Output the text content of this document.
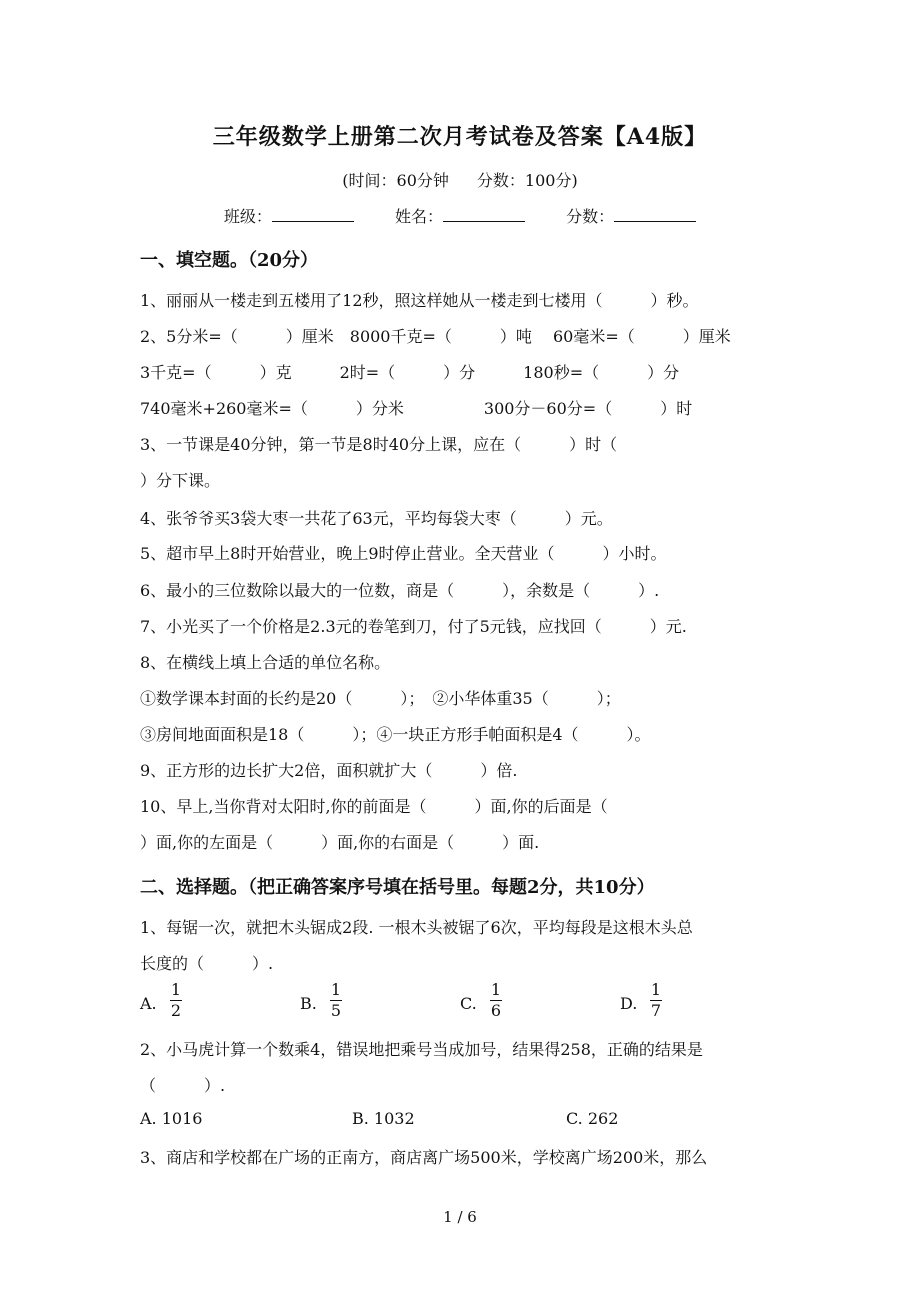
三年级数学上册第二次月考试卷及答案【A4版】
(时间：60分钟 分数：100分)
班级：	姓名：	分数：
一、填空题。（20分）
1、丽丽从一楼走到五楼用了12秒，照这样她从一楼走到七楼用（　　　）秒。
2、5分米=（　　　）厘米　8000千克=（　　　）吨　 60毫米=（　　　）厘米
3千克=（　　　）克　　　2时=（　　　）分　　　180秒=（　　　）分
740毫米+260毫米=（　　　）分米　　　　　300分－60分=（　　　）时
3、一节课是40分钟，第一节是8时40分上课，应在（　　　）时（
）分下课。
4、张爷爷买3袋大枣一共花了63元，平均每袋大枣（　　　）元。
5、超市早上8时开始营业，晚上9时停止营业。全天营业（　　　）小时。
6、最小的三位数除以最大的一位数，商是（　　　），余数是（　　　）.
7、小光买了一个价格是2.3元的卷笔到刀，付了5元钱，应找回（　　　）元.
8、在横线上填上合适的单位名称。
①数学课本封面的长约是20（　　　）；　②小华体重35（　　　）；
③房间地面面积是18（　　　）；④一块正方形手帕面积是4（　　　）。
9、正方形的边长扩大2倍，面积就扩大（　　　）倍.
10、早上,当你背对太阳时,你的前面是（　　　）面,你的后面是（
）面,你的左面是（　　　）面,你的右面是（　　　）面.
二、选择题。（把正确答案序号填在括号里。每题2分，共10分）
1、每锯一次，就把木头锯成2段. 一根木头被锯了6次，平均每段是这根木头总
长度的（　　　）.
A.
1
2	B.
1
5	C.
1
6	D.
1
7
2、小马虎计算一个数乘4，错误地把乘号当成加号，结果得258，正确的结果是
（　　　）.
A. 1016	B. 1032	C. 262
3、商店和学校都在广场的正南方，商店离广场500米，学校离广场200米，那么
1 / 6
